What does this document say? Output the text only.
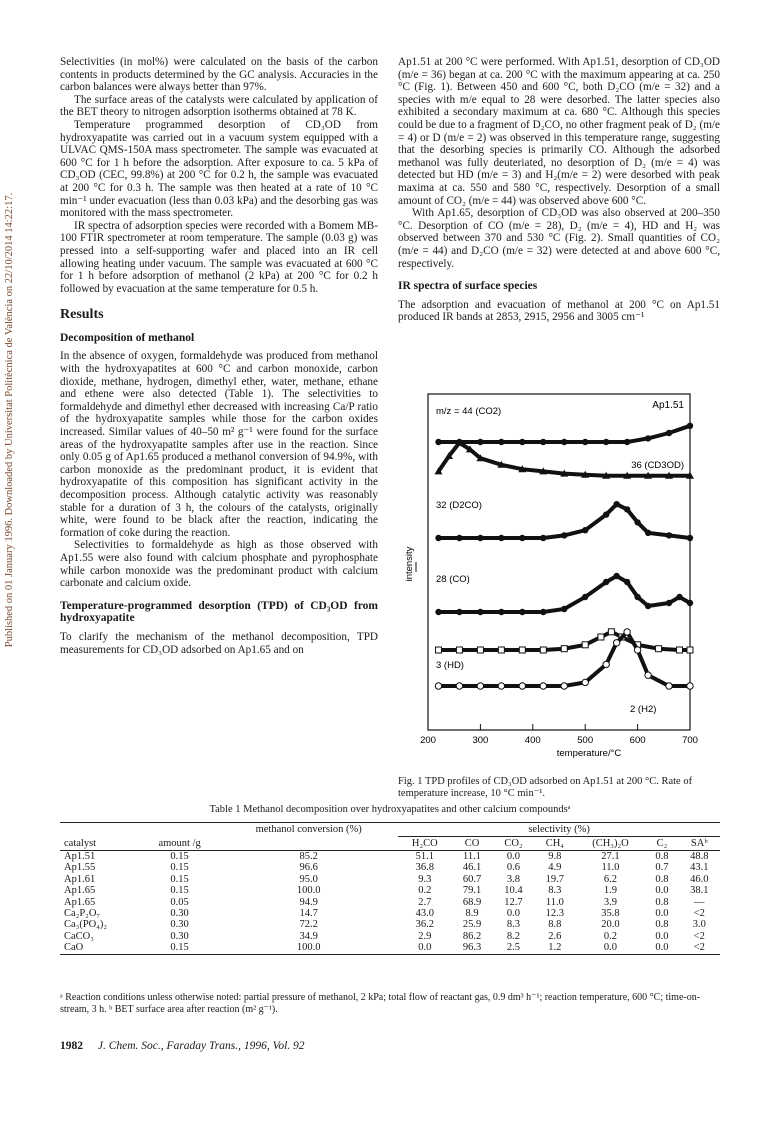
Published on 01 January 1996. Downloaded by Universitat Politècnica de València on 22/10/2014 14:22:17.

Selectivities (in mol%) were calculated on the basis of the carbon contents in products determined by the GC analysis. Accuracies in the carbon balances were always better than 97%.

The surface areas of the catalysts were calculated by application of the BET theory to nitrogen adsorption isotherms obtained at 78 K.

Temperature programmed desorption of CD₃OD from hydroxyapatite was carried out in a vacuum system equipped with a ULVAC QMS-150A mass spectrometer. The sample was evacuated at 600 °C for 1 h before the adsorption. After exposure to ca. 5 kPa of CD₃OD (CEC, 99.8%) at 200 °C for 0.2 h, the sample was evacuated at 200 °C for 0.3 h. The sample was then heated at a rate of 10 °C min⁻¹ under evacuation (less than 0.03 kPa) and the desorbing gas was monitored with the mass spectrometer.

IR spectra of adsorption species were recorded with a Bomem MB-100 FTIR spectrometer at room temperature. The sample (0.03 g) was pressed into a self-supporting wafer and placed into an IR cell allowing heating under vacuum. The sample was evacuated at 600 °C for 1 h before adsorption of methanol (2 kPa) at 200 °C for 0.2 h followed by evacuation at the same temperature for 0.5 h.

Results
Decomposition of methanol

In the absence of oxygen, formaldehyde was produced from methanol with the hydroxyapatites at 600 °C and carbon monoxide, carbon dioxide, methane, hydrogen, dimethyl ether, water, methane, ethane and ethene were also detected (Table 1). The selectivities to formaldehyde and dimethyl ether decreased with increasing Ca/P ratio of the hydroxyapatite samples while those for the carbon oxides increased. Similar values of 40–50 m² g⁻¹ were found for the surface areas of the hydroxyapatite samples after use in the reaction. Since only 0.05 g of Ap1.65 produced a methanol conversion of 94.9%, with carbon monoxide as the predominant product, it is evident that hydroxyapatite of this composition has significant activity in the decomposition process. Although catalytic activity was reasonably stable for a duration of 3 h, the colours of the catalysts, originally white, were found to be black after the reaction, indicating the formation of coke during the reaction.

Selectivities to formaldehyde as high as those observed with Ap1.55 were also found with calcium phosphate and pyrophosphate while carbon monoxide was the predominant product with calcium carbonate and calcium oxide.

Temperature-programmed desorption (TPD) of CD₃OD from hydroxyapatite

To clarify the mechanism of the methanol decomposition, TPD measurements for CD₃OD adsorbed on Ap1.65 and on

Ap1.51 at 200 °C were performed. With Ap1.51, desorption of CD₃OD (m/e = 36) began at ca. 200 °C with the maximum appearing at ca. 250 °C (Fig. 1). Between 450 and 600 °C, both D₂CO (m/e = 32) and a species with m/e equal to 28 were desorbed. The latter species also exhibited a secondary maximum at ca. 680 °C. Although this species could be due to a fragment of D₂CO, no other fragment peak of D₂ (m/e = 4) or D (m/e = 2) was observed in this temperature range, suggesting that the desorbing species is primarily CO. Although the adsorbed methanol was fully deuteriated, no desorption of D₂ (m/e = 4) was detected but HD (m/e = 3) and H₂(m/e = 2) were desorbed with peak maxima at ca. 550 and 580 °C, respectively. Desorption of a small amount of CO₂ (m/e = 44) was observed above 600 °C.

With Ap1.65, desorption of CD₃OD was also observed at 200–350 °C. Desorption of CO (m/e = 28), D₂ (m/e = 4), HD and H₂ was observed between 370 and 530 °C (Fig. 2). Small quantities of CO₂ (m/e = 44) and D₂CO (m/e = 32) were detected at and above 600 °C, respectively.

IR spectra of surface species

The adsorption and evacuation of methanol at 200 °C on Ap1.51 produced IR bands at 2853, 2915, 2956 and 3005 cm⁻¹

200	300	400	500	600	700
temperature/°C
intensity
Ap1.51
m/z = 44 (CO2)
36 (CD3OD)
32 (D2CO)
28 (CO)
3 (HD)
2 (H2)
Fig. 1 TPD profiles of CD₃OD adsorbed on Ap1.51 at 200 °C. Rate of temperature increase, 10 °C min⁻¹.
Table 1 Methanol decomposition over hydroxyapatites and other calcium compoundsᵃ
		methanol conversion (%)	selectivity (%)						
catalyst	amount /g		H₂CO	CO	CO₂	CH₄	(CH₃)₂O	C₂	SAᵇ
Ap1.51	0.15	85.2	51.1	11.1	0.0	9.8	27.1	0.8	48.8
Ap1.55	0.15	96.6	36.8	46.1	0.6	4.9	11.0	0.7	43.1
Ap1.61	0.15	95.0	9.3	60.7	3.8	19.7	6.2	0.8	46.0
Ap1.65	0.15	100.0	0.2	79.1	10.4	8.3	1.9	0.0	38.1
Ap1.65	0.05	94.9	2.7	68.9	12.7	11.0	3.9	0.8	—
Ca₂P₂O₇	0.30	14.7	43.0	8.9	0.0	12.3	35.8	0.0	<2
Ca₃(PO₄)₂	0.30	72.2	36.2	25.9	8.3	8.8	20.0	0.8	3.0
CaCO₃	0.30	34.9	2.9	86.2	8.2	2.6	0.2	0.0	<2
CaO	0.15	100.0	0.0	96.3	2.5	1.2	0.0	0.0	<2
ᵃ Reaction conditions unless otherwise noted: partial pressure of methanol, 2 kPa; total flow of reactant gas, 0.9 dm³ h⁻¹; reaction temperature, 600 °C; time-on-stream, 3 h. ᵇ BET surface area after reaction (m² g⁻¹).
1982 J. Chem. Soc., Faraday Trans., 1996, Vol. 92
